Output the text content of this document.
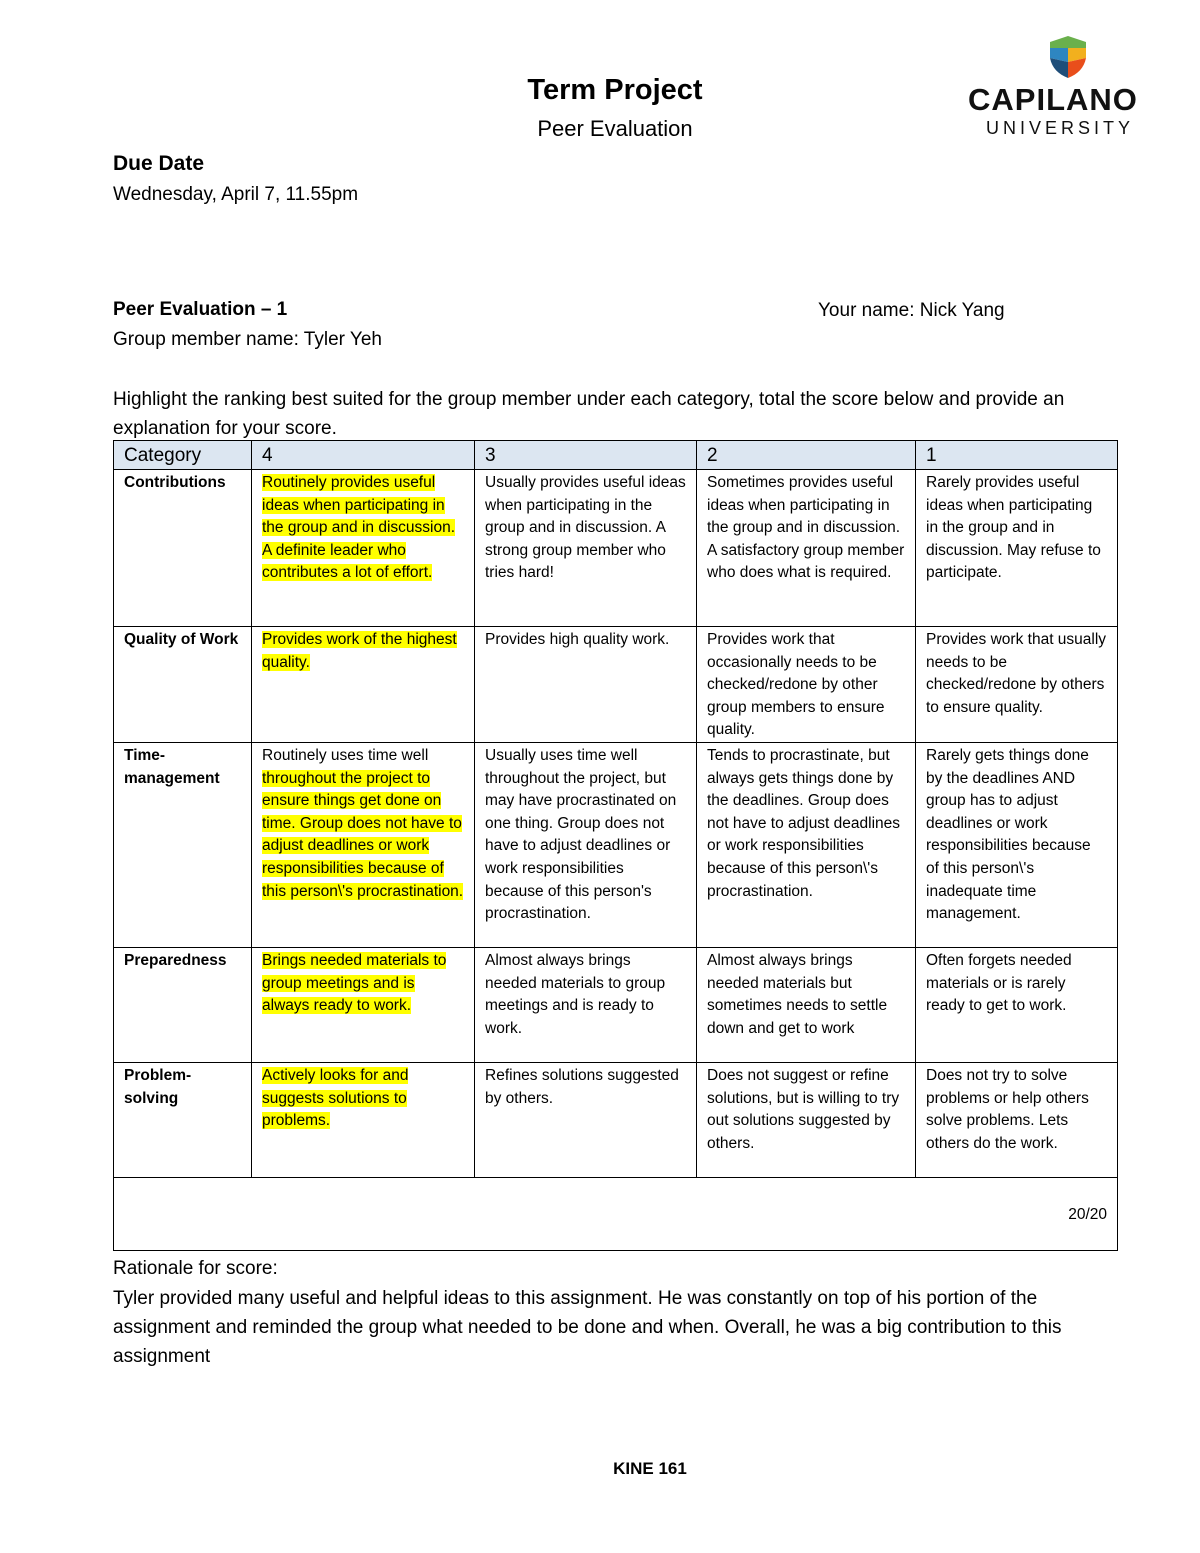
Term Project
Peer Evaluation
CAPILANO
UNIVERSITY
Due Date
Wednesday, April 7, 11.55pm
Peer Evaluation – 1	Your name: Nick Yang
Group member name: Tyler Yeh
Highlight the ranking best suited for the group member under each category, total the score below and provide an explanation for your score.
Category	4	3	2	1
Contributions	Routinely provides useful ideas when participating in the group and in discussion. A definite leader who contributes a lot of effort.	Usually provides useful ideas when participating in the group and in discussion. A strong group member who tries hard!	Sometimes provides useful ideas when participating in the group and in discussion. A satisfactory group member who does what is required.	Rarely provides useful ideas when participating in the group and in discussion. May refuse to participate.
Quality of Work	Provides work of the highest quality.	Provides high quality work.	Provides work that occasionally needs to be checked/redone by other group members to ensure quality.	Provides work that usually needs to be checked/redone by others to ensure quality.
Time-management	Routinely uses time well throughout the project to ensure things get done on time. Group does not have to adjust deadlines or work responsibilities because of this person\'s procrastination.	Usually uses time well throughout the project, but may have procrastinated on one thing. Group does not have to adjust deadlines or work responsibilities because of this person's procrastination.	Tends to procrastinate, but always gets things done by the deadlines. Group does not have to adjust deadlines or work responsibilities because of this person\'s procrastination.	Rarely gets things done by the deadlines AND group has to adjust deadlines or work responsibilities because of this person\'s inadequate time management.
Preparedness	Brings needed materials to group meetings and is always ready to work.	Almost always brings needed materials to group meetings and is ready to work.	Almost always brings needed materials but sometimes needs to settle down and get to work	Often forgets needed materials or is rarely ready to get to work.
Problem-solving	Actively looks for and suggests solutions to problems.	Refines solutions suggested by others.	Does not suggest or refine solutions, but is willing to try out solutions suggested by others.	Does not try to solve problems or help others solve problems. Lets others do the work.
20/20				
Rationale for score:
Tyler provided many useful and helpful ideas to this assignment. He was constantly on top of his portion of the assignment and reminded the group what needed to be done and when. Overall, he was a big contribution to this assignment
KINE 161
